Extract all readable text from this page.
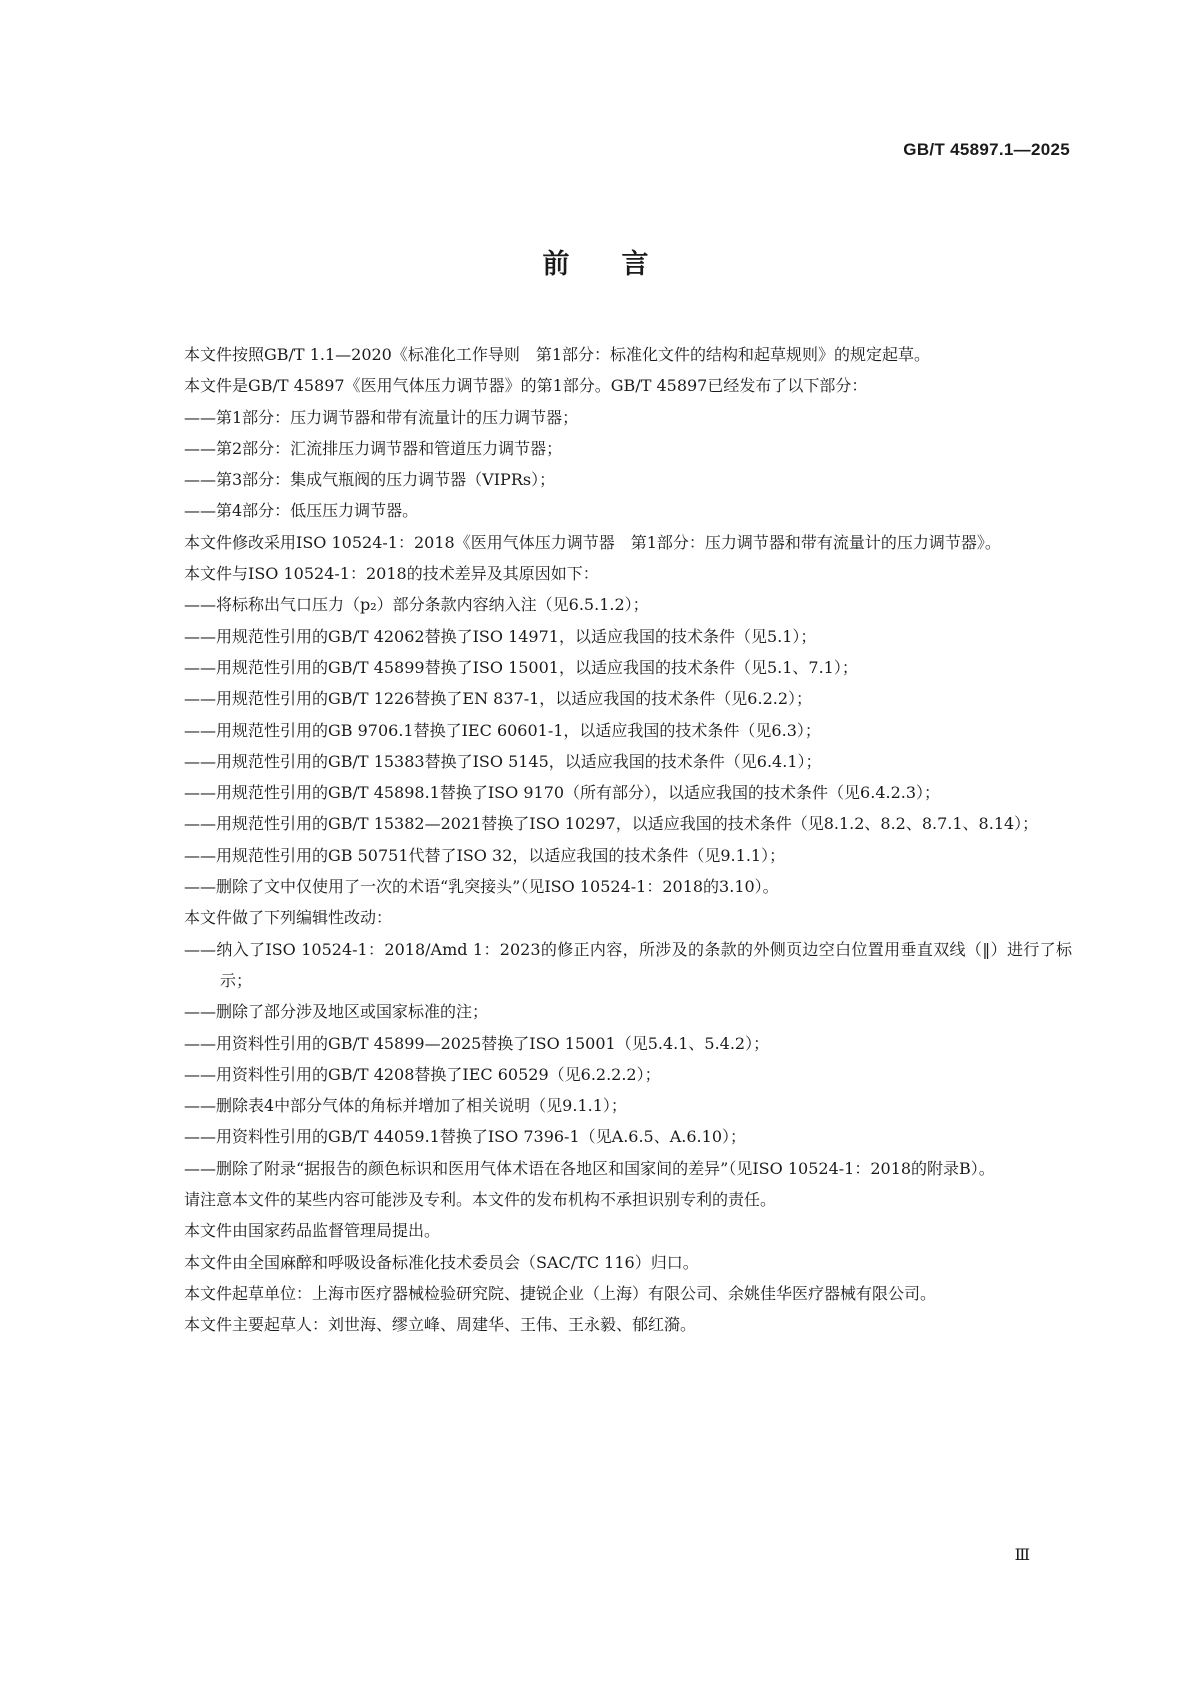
GB/T 45897.1—2025
前言

本文件按照GB/T 1.1—2020《标准化工作导则　第1部分：标准化文件的结构和起草规则》的规定起草。

本文件是GB/T 45897《医用气体压力调节器》的第1部分。GB/T 45897已经发布了以下部分：

——第1部分：压力调节器和带有流量计的压力调节器；

——第2部分：汇流排压力调节器和管道压力调节器；

——第3部分：集成气瓶阀的压力调节器（VIPRs）；

——第4部分：低压压力调节器。

本文件修改采用ISO 10524-1：2018《医用气体压力调节器　第1部分：压力调节器和带有流量计的压力调节器》。

本文件与ISO 10524-1：2018的技术差异及其原因如下：

——将标称出气口压力（p₂）部分条款内容纳入注（见6.5.1.2）；

——用规范性引用的GB/T 42062替换了ISO 14971，以适应我国的技术条件（见5.1）；

——用规范性引用的GB/T 45899替换了ISO 15001，以适应我国的技术条件（见5.1、7.1）；

——用规范性引用的GB/T 1226替换了EN 837-1，以适应我国的技术条件（见6.2.2）；

——用规范性引用的GB 9706.1替换了IEC 60601-1，以适应我国的技术条件（见6.3）；

——用规范性引用的GB/T 15383替换了ISO 5145，以适应我国的技术条件（见6.4.1）；

——用规范性引用的GB/T 45898.1替换了ISO 9170（所有部分），以适应我国的技术条件（见6.4.2.3）；

——用规范性引用的GB/T 15382—2021替换了ISO 10297，以适应我国的技术条件（见8.1.2、8.2、8.7.1、8.14）；

——用规范性引用的GB 50751代替了ISO 32，以适应我国的技术条件（见9.1.1）；

——删除了文中仅使用了一次的术语“乳突接头”（见ISO 10524-1：2018的3.10）。

本文件做了下列编辑性改动：

——纳入了ISO 10524-1：2018/Amd 1：2023的修正内容，所涉及的条款的外侧页边空白位置用垂直双线（‖）进行了标示；

——删除了部分涉及地区或国家标准的注；

——用资料性引用的GB/T 45899—2025替换了ISO 15001（见5.4.1、5.4.2）；

——用资料性引用的GB/T 4208替换了IEC 60529（见6.2.2.2）；

——删除表4中部分气体的角标并增加了相关说明（见9.1.1）；

——用资料性引用的GB/T 44059.1替换了ISO 7396-1（见A.6.5、A.6.10）；

——删除了附录“据报告的颜色标识和医用气体术语在各地区和国家间的差异”（见ISO 10524-1：2018的附录B）。

请注意本文件的某些内容可能涉及专利。本文件的发布机构不承担识别专利的责任。

本文件由国家药品监督管理局提出。

本文件由全国麻醉和呼吸设备标准化技术委员会（SAC/TC 116）归口。

本文件起草单位：上海市医疗器械检验研究院、捷锐企业（上海）有限公司、余姚佳华医疗器械有限公司。

本文件主要起草人：刘世海、缪立峰、周建华、王伟、王永毅、郁红漪。

Ⅲ
